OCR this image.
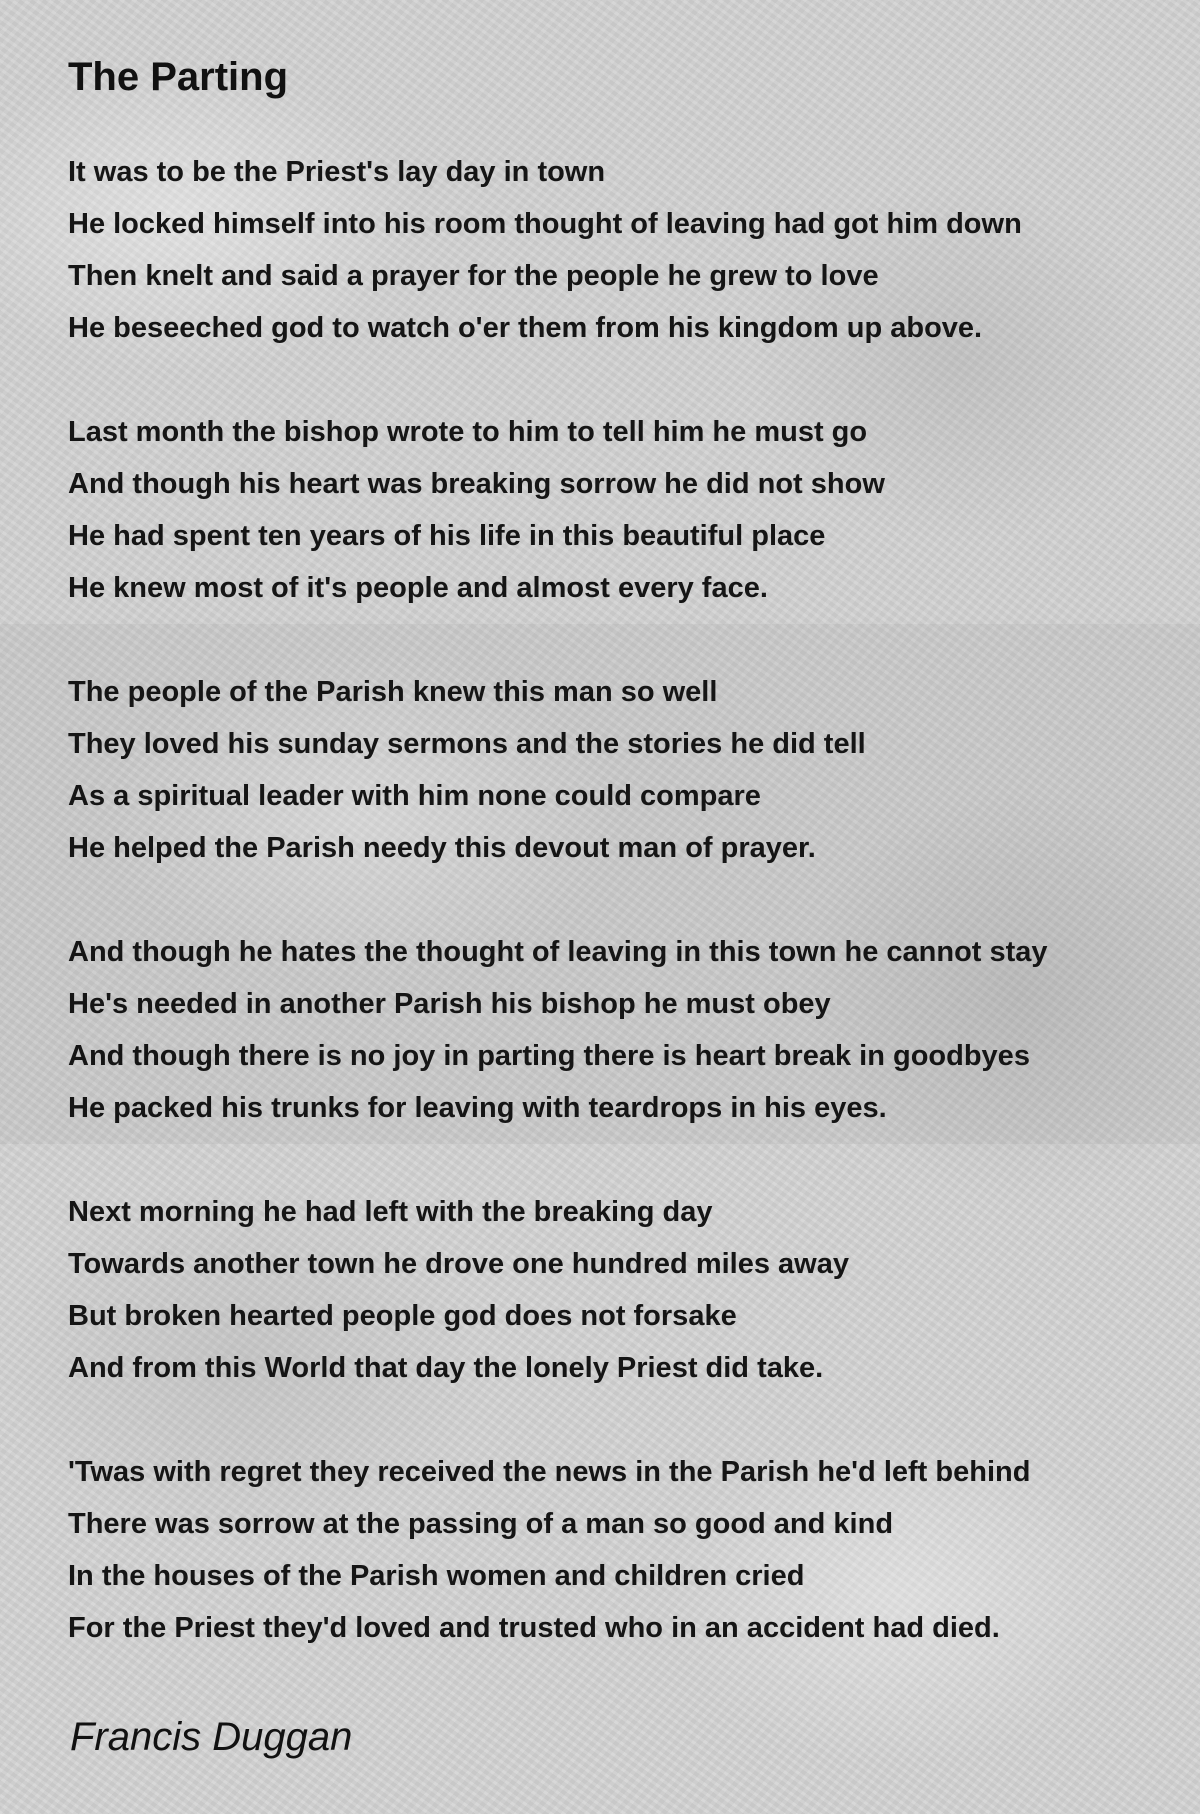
The Parting
It was to be the Priest's lay day in town
He locked himself into his room thought of leaving had got him down
Then knelt and said a prayer for the people he grew to love
He beseeched god to watch o'er them from his kingdom up above.
Last month the bishop wrote to him to tell him he must go
And though his heart was breaking sorrow he did not show
He had spent ten years of his life in this beautiful place
He knew most of it's people and almost every face.
The people of the Parish knew this man so well
They loved his sunday sermons and the stories he did tell
As a spiritual leader with him none could compare
He helped the Parish needy this devout man of prayer.
And though he hates the thought of leaving in this town he cannot stay
He's needed in another Parish his bishop he must obey
And though there is no joy in parting there is heart break in goodbyes
He packed his trunks for leaving with teardrops in his eyes.
Next morning he had left with the breaking day
Towards another town he drove one hundred miles away
But broken hearted people god does not forsake
And from this World that day the lonely Priest did take.
'Twas with regret they received the news in the Parish he'd left behind
There was sorrow at the passing of a man so good and kind
In the houses of the Parish women and children cried
For the Priest they'd loved and trusted who in an accident had died.
Francis Duggan
